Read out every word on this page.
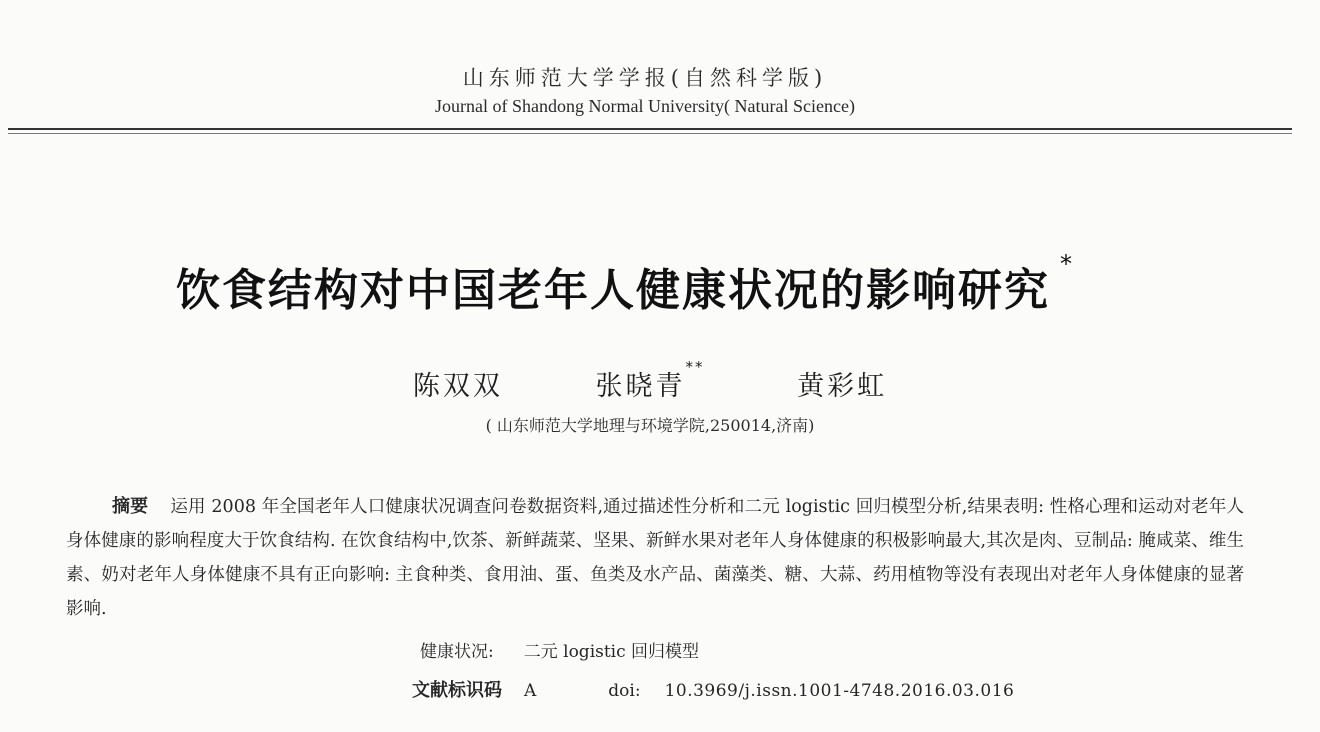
山东师范大学学报(自然科学版)
Journal of Shandong Normal University( Natural Science)
饮食结构对中国老年人健康状况的影响研究*
陈双双	张晓青** 黄彩虹
( 山东师范大学地理与环境学院,250014,济南)
摘要 运用 2008 年全国老年人口健康状况调查问卷数据资料,通过描述性分析和二元 logistic 回归模型分析,结果表明: 性格心理和运动对老年人身体健康的影响程度大于饮食结构. 在饮食结构中,饮茶、新鲜蔬菜、坚果、新鲜水果对老年人身体健康的积极影响最大,其次是肉、豆制品: 腌咸菜、维生素、奶对老年人身体健康不具有正向影响: 主食种类、食用油、蛋、鱼类及水产品、菌藻类、糖、大蒜、药用植物等没有表现出对老年人身体健康的显著影响.
健康状况: 二元 logistic 回归模型
文献标识码 A	doi: 10.3969/j.issn.1001-4748.2016.03.016
